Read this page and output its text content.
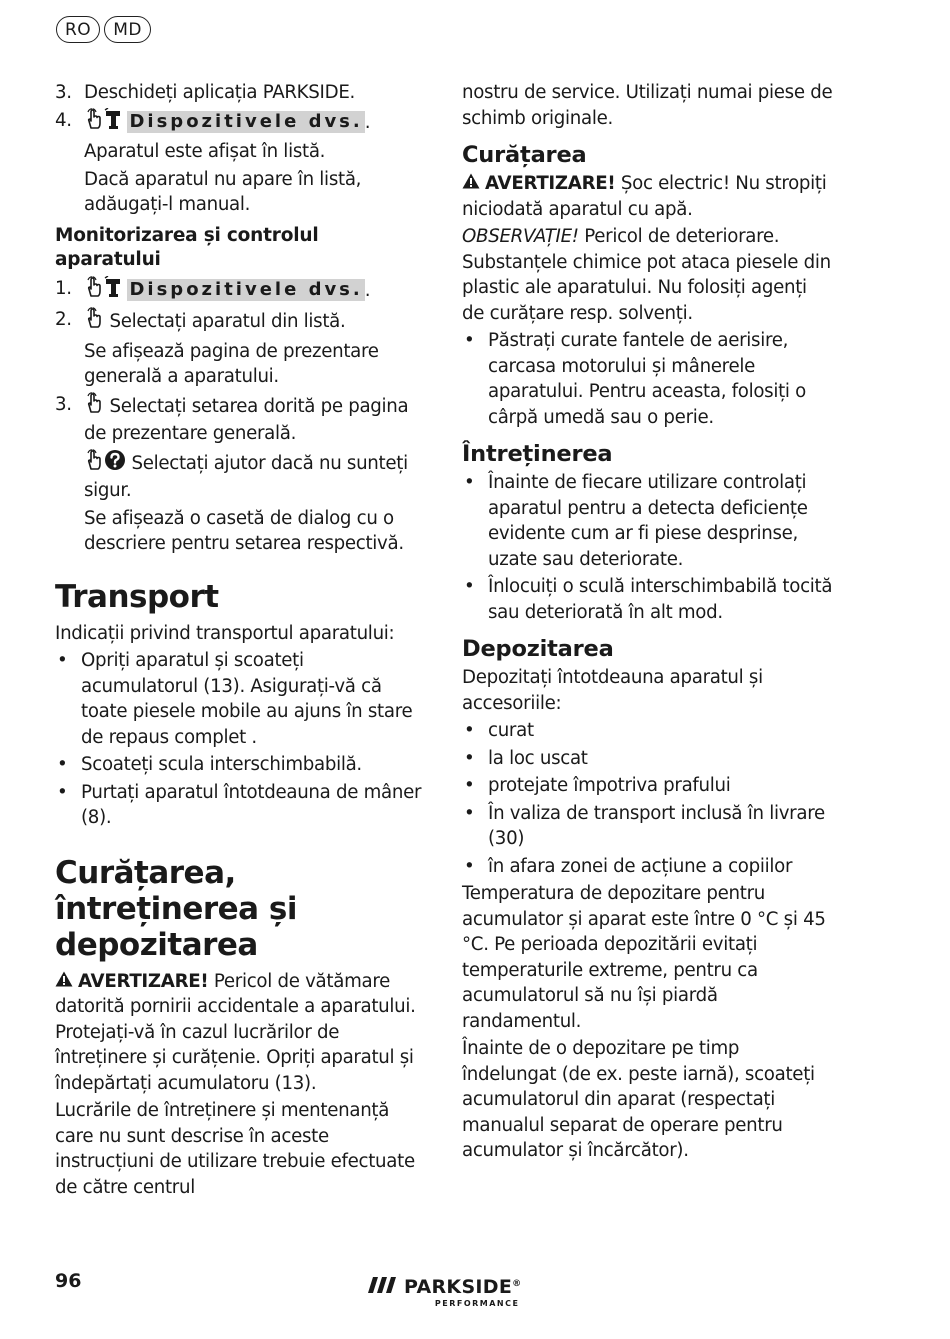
RO	MD
3. Deschideți aplicația PARKSIDE.
4.	Dispozitivele dvs. .

Aparatul este afișat în listă.

Dacă aparatul nu apare în listă, adăugați-l manual.

Monitorizarea și controlul aparatului

1.	Dispozitivele dvs. .
2.	Selectați aparatul din listă.

Se afișează pagina de prezentare generală a aparatului.

3.	Selectați setarea dorită pe pagina de prezentare generală.

Selectați ajutor dacă nu sunteți sigur.

Se afișează o casetă de dialog cu o descriere pentru setarea respectivă.

Transport

Indicații privind transportul aparatului:

• Opriți aparatul și scoateți acumulatorul (13). Asigurați-vă că toate piesele mobile au ajuns în stare de repaus complet .
• Scoateți scula interschimbabilă.
• Purtați aparatul întotdeauna de mâner (8).

Curățarea, întreținerea și depozitarea

AVERTIZARE! Pericol de vătămare datorită pornirii accidentale a aparatului. Protejați-vă în cazul lucrărilor de întreținere și curățenie. Opriți aparatul și îndepărtați acumulatoru (13).

Lucrările de întreținere și mentenanță care nu sunt descrise în aceste instrucțiuni de utilizare trebuie efectuate de către centrul

nostru de service. Utilizați numai piese de schimb originale.

Curățarea

AVERTIZARE! Șoc electric! Nu stropiți niciodată aparatul cu apă.

OBSERVAȚIE! Pericol de deteriorare. Substanțele chimice pot ataca piesele din plastic ale aparatului. Nu folosiți agenți de curățare resp. solvenți.

• Păstrați curate fantele de aerisire, carcasa motorului și mânerele aparatului. Pentru aceasta, folosiți o cârpă umedă sau o perie.

Întreținerea

• Înainte de fiecare utilizare controlați aparatul pentru a detecta deficiențe evidente cum ar fi piese desprinse, uzate sau deteriorate.
• Înlocuiți o sculă interschimbabilă tocită sau deteriorată în alt mod.

Depozitarea

Depozitați întotdeauna aparatul și accesoriile:

• curat
• la loc uscat
• protejate împotriva prafului
• În valiza de transport inclusă în livrare (30)
• în afara zonei de acțiune a copiilor

Temperatura de depozitare pentru acumulator și aparat este între 0 °C și 45 °C. Pe perioada depozitării evitați temperaturile extreme, pentru ca acumulatorul să nu își piardă randamentul.

Înainte de o depozitare pe timp îndelungat (de ex. peste iarnă), scoateți acumulatorul din aparat (respectați manualul separat de operare pentru acumulator și încărcător).

96	PARKSIDE ®
PERFORMANCE
